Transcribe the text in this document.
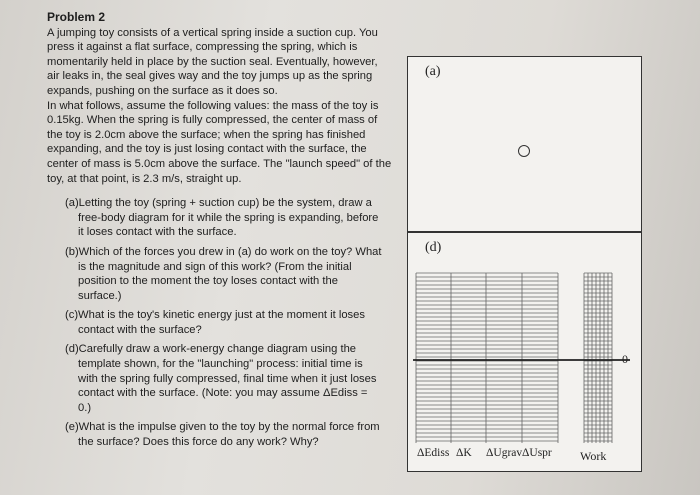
Problem 2

A jumping toy consists of a vertical spring inside a suction cup. You press it against a flat surface, compressing the spring, which is momentarily held in place by the suction seal. Eventually, however, air leaks in, the seal gives way and the toy jumps up as the spring expands, pushing on the surface as it does so.

In what follows, assume the following values: the mass of the toy is 0.15kg. When the spring is fully compressed, the center of mass of the toy is 2.0cm above the surface; when the spring has finished expanding, and the toy is just losing contact with the surface, the center of mass is 5.0cm above the surface. The "launch speed" of the toy, at that point, is 2.3 m/s, straight up.

(a)Letting the toy (spring + suction cup) be the system, draw a free-body diagram for it while the spring is expanding, before it loses contact with the surface.
(b)Which of the forces you drew in (a) do work on the toy? What is the magnitude and sign of this work? (From the initial position to the moment the toy loses contact with the surface.)
(c)What is the toy's kinetic energy just at the moment it loses contact with the surface?
(d)Carefully draw a work-energy change diagram using the template shown, for the "launching" process: initial time is with the spring fully compressed, final time when it just loses contact with the surface. (Note: you may assume ΔEdiss = 0.)
(e)What is the impulse given to the toy by the normal force from the surface? Does this force do any work? Why?
(a)
(d)
0
ΔEdiss ΔK ΔUgrav ΔUspr Work
